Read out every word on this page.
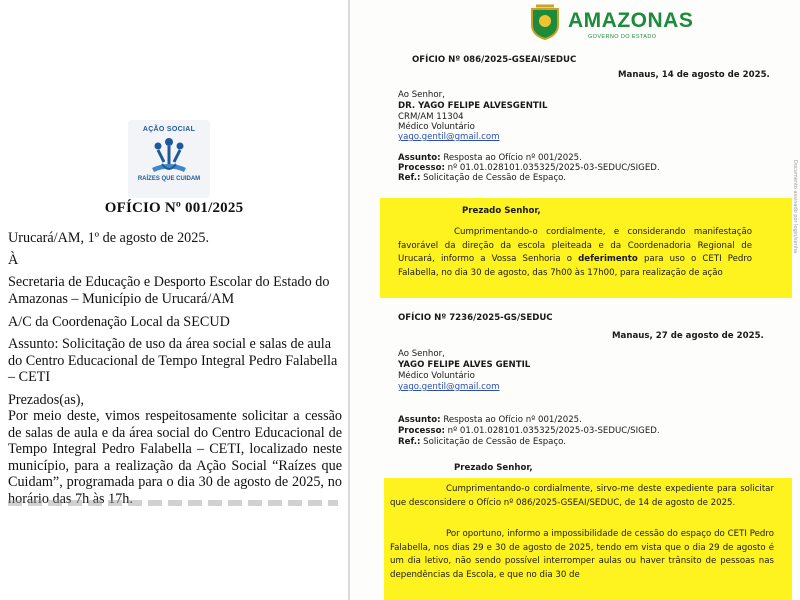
AÇÃO SOCIAL
RAÍZES QUE CUIDAM
OFÍCIO Nº 001/2025
Urucará/AM, 1º de agosto de 2025.
À
Secretaria de Educação e Desporto Escolar do Estado do Amazonas – Município de Urucará/AM
A/C da Coordenação Local da SECUD
Assunto: Solicitação de uso da área social e salas de aula do Centro Educacional de Tempo Integral Pedro Falabella – CETI
Prezados(as),
Por meio deste, vimos respeitosamente solicitar a cessão de salas de aula e da área social do Centro Educacional de Tempo Integral Pedro Falabella – CETI, localizado neste município, para a realização da Ação Social “Raízes que Cuidam”, programada para o dia 30 de agosto de 2025, no horário das 7h às 17h.
AMAZONAS
GOVERNO DO ESTADO
OFÍCIO Nº 086/2025-GSEAI/SEDUC
Manaus, 14 de agosto de 2025.
Ao Senhor,
DR. YAGO FELIPE ALVESGENTIL
CRM/AM 11304
Médico Voluntário
yago.gentil@gmail.com
Assunto: Resposta ao Ofício nº 001/2025.
Processo: nº 01.01.028101.035325/2025-03-SEDUC/SIGED.
Ref.: Solicitação de Cessão de Espaço.
Prezado Senhor,
Cumprimentando-o cordialmente, e considerando manifestação favorável da direção da escola pleiteada e da Coordenadoria Regional de Urucará, informo a Vossa Senhoria o deferimento para uso o CETI Pedro Falabella, no dia 30 de agosto, das 7h00 às 17h00, para realização de ação
Documento assinado por login/senha
OFÍCIO Nº 7236/2025-GS/SEDUC
Manaus, 27 de agosto de 2025.
Ao Senhor,
YAGO FELIPE ALVES GENTIL
Médico Voluntário
yago.gentil@gmail.com
Assunto: Resposta ao Ofício nº 001/2025.
Processo: nº 01.01.028101.035325/2025-03-SEDUC/SIGED.
Ref.: Solicitação de Cessão de Espaço.
Prezado Senhor,
Cumprimentando-o cordialmente, sirvo-me deste expediente para solicitar que desconsidere o Ofício nº 086/2025-GSEAI/SEDUC, de 14 de agosto de 2025.
Por oportuno, informo a impossibilidade de cessão do espaço do CETI Pedro Falabella, nos dias 29 e 30 de agosto de 2025, tendo em vista que o dia 29 de agosto é um dia letivo, não sendo possível interromper aulas ou haver trânsito de pessoas nas dependências da Escola, e que no dia 30 de
